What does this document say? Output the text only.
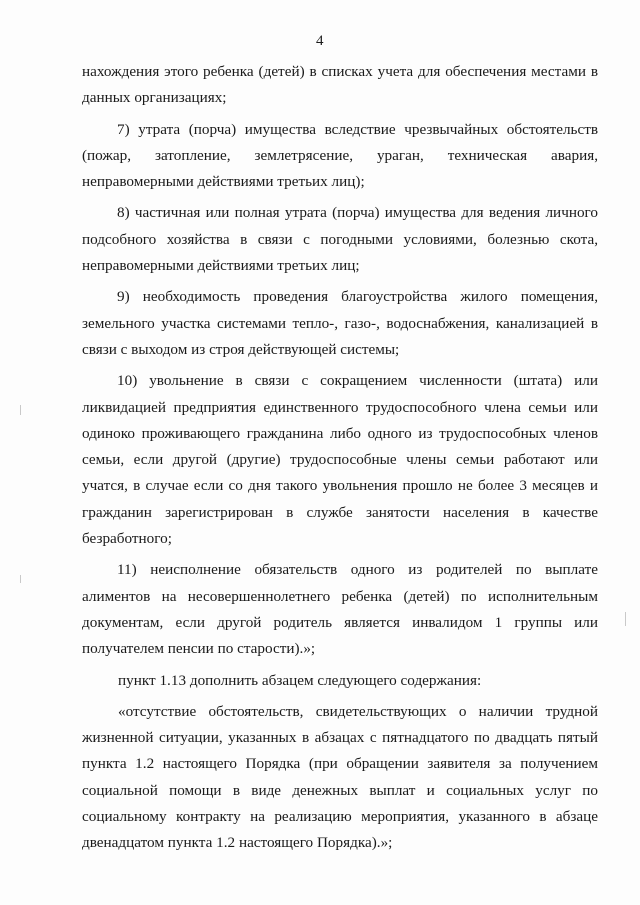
4

нахождения этого ребенка (детей) в списках учета для обеспечения местами в данных организациях;

7) утрата (порча) имущества вследствие чрезвычайных обстоятельств (пожар, затопление, землетрясение, ураган, техническая авария, неправомерными действиями третьих лиц);

8) частичная или полная утрата (порча) имущества для ведения личного подсобного хозяйства в связи с погодными условиями, болезнью скота, неправомерными действиями третьих лиц;

9) необходимость проведения благоустройства жилого помещения, земельного участка системами тепло-, газо-, водоснабжения, канализацией в связи с выходом из строя действующей системы;

10) увольнение в связи с сокращением численности (штата) или ликвидацией предприятия единственного трудоспособного члена семьи или одиноко проживающего гражданина либо одного из трудоспособных членов семьи, если другой (другие) трудоспособные члены семьи работают или учатся, в случае если со дня такого увольнения прошло не более 3 месяцев и гражданин зарегистрирован в службе занятости населения в качестве безработного;

11) неисполнение обязательств одного из родителей по выплате алиментов на несовершеннолетнего ребенка (детей) по исполнительным документам, если другой родитель является инвалидом 1 группы или получателем пенсии по старости).»;

пункт 1.13 дополнить абзацем следующего содержания:

«отсутствие обстоятельств, свидетельствующих о наличии трудной жизненной ситуации, указанных в абзацах с пятнадцатого по двадцать пятый пункта 1.2 настоящего Порядка (при обращении заявителя за получением социальной помощи в виде денежных выплат и социальных услуг по социальному контракту на реализацию мероприятия, указанного в абзаце двенадцатом пункта 1.2 настоящего Порядка).»;
